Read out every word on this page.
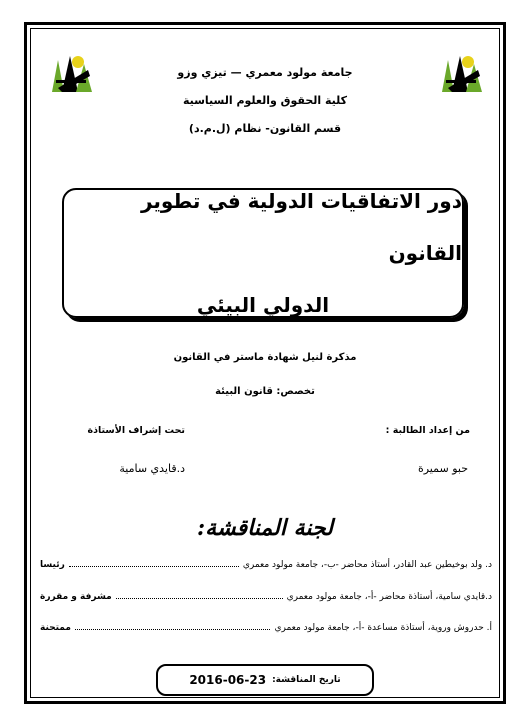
جامعة مولود معمري — تيزي وزو
كلية الحقوق والعلوم السياسية
قسم القانون- نظام (ل.م.د)
دور الاتفاقيات الدولية في تطوير القانون
الدولي البيئي
مذكرة لنيل شهادة ماستر في القانون
تخصص: قانون البيئة
من إعداد الطالبة :
تحت إشراف الأستاذة
حبو سميرة
د.قايدي سامية
لجنة المناقشة:
د. ولد بوخيطين عبد القادر، أستاذ محاضر -ب-، جامعة مولود معمري
رئيسا
د.قايدي سامية، أستاذة محاضر -أ-، جامعة مولود معمري
مشرفة و مقررة
أ. حدروش وروية، أستاذة مساعدة -أ-، جامعة مولود معمري
ممتحنة
تاريخ المناقشة:
2016-06-23
